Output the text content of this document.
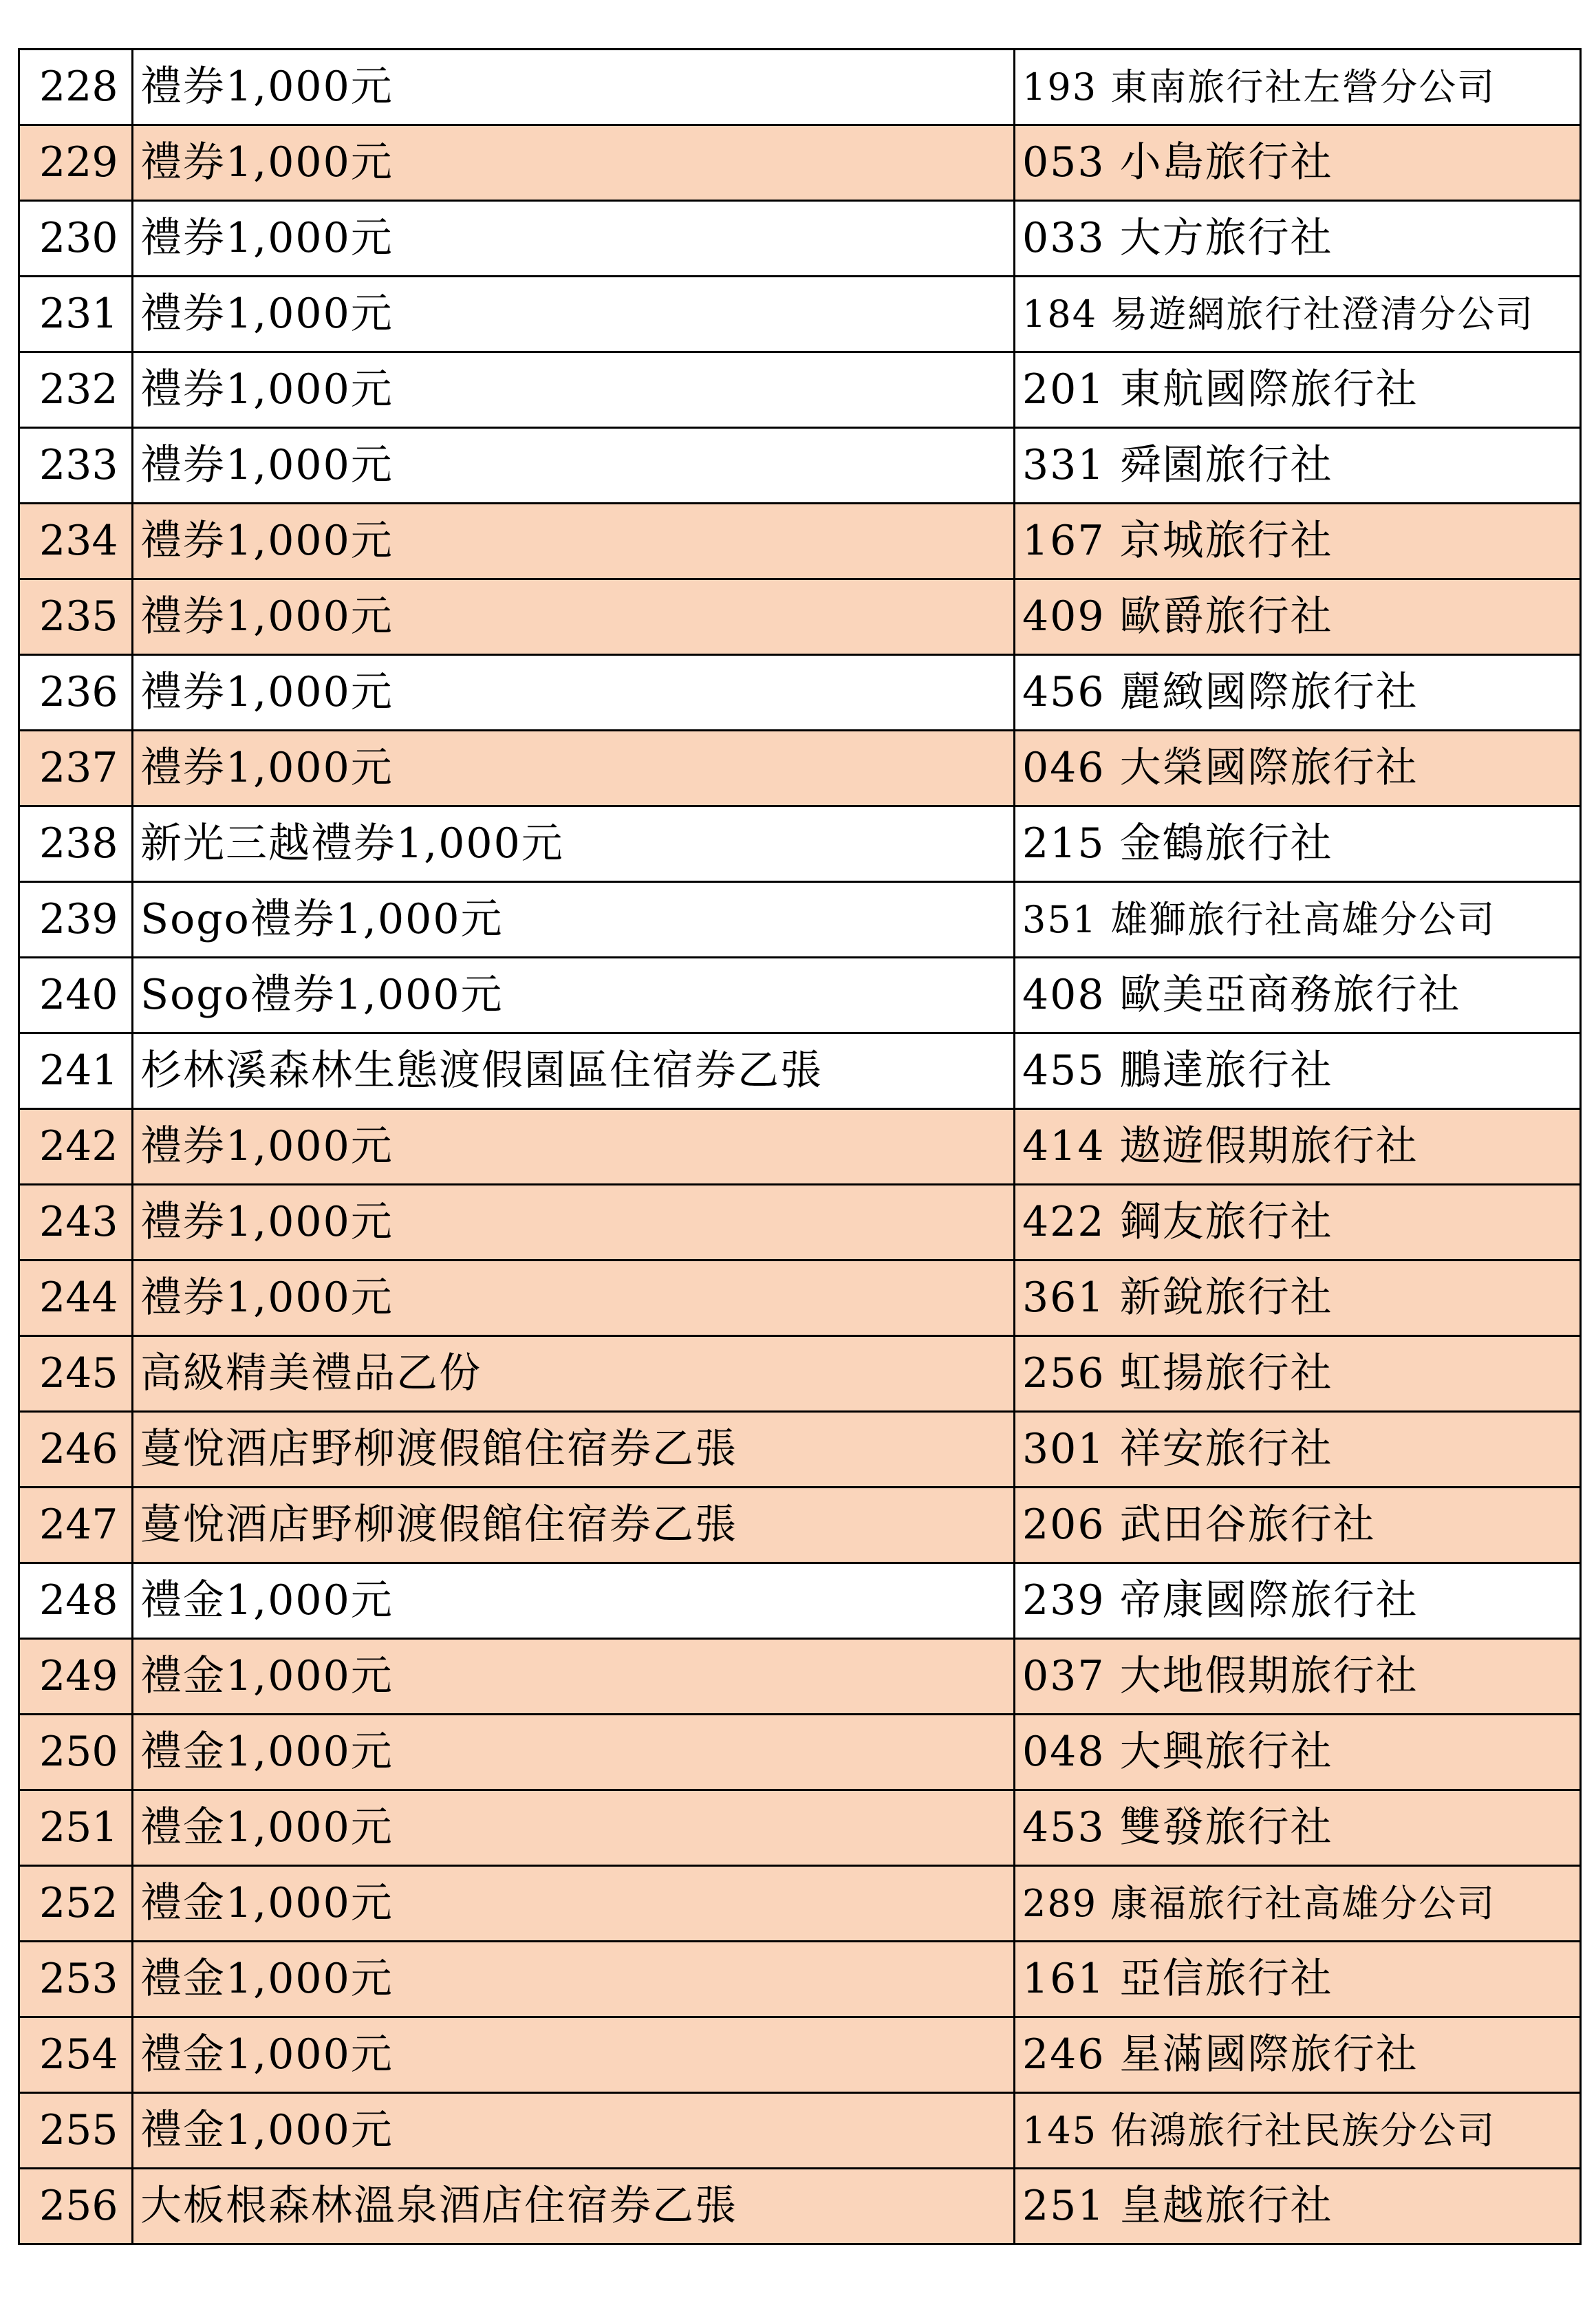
228	禮券1,000元	193 東南旅行社左營分公司
229	禮券1,000元	053 小島旅行社
230	禮券1,000元	033 大方旅行社
231	禮券1,000元	184 易遊網旅行社澄清分公司
232	禮券1,000元	201 東航國際旅行社
233	禮券1,000元	331 舜園旅行社
234	禮券1,000元	167 京城旅行社
235	禮券1,000元	409 歐爵旅行社
236	禮券1,000元	456 麗緻國際旅行社
237	禮券1,000元	046 大榮國際旅行社
238	新光三越禮券1,000元	215 金鶴旅行社
239	Sogo禮券1,000元	351 雄獅旅行社高雄分公司
240	Sogo禮券1,000元	408 歐美亞商務旅行社
241	杉林溪森林生態渡假園區住宿券乙張	455 鵬達旅行社
242	禮券1,000元	414 遨遊假期旅行社
243	禮券1,000元	422 鋼友旅行社
244	禮券1,000元	361 新銳旅行社
245	高級精美禮品乙份	256 虹揚旅行社
246	蔓悅酒店野柳渡假館住宿券乙張	301 祥安旅行社
247	蔓悅酒店野柳渡假館住宿券乙張	206 武田谷旅行社
248	禮金1,000元	239 帝康國際旅行社
249	禮金1,000元	037 大地假期旅行社
250	禮金1,000元	048 大興旅行社
251	禮金1,000元	453 雙發旅行社
252	禮金1,000元	289 康福旅行社高雄分公司
253	禮金1,000元	161 亞信旅行社
254	禮金1,000元	246 星滿國際旅行社
255	禮金1,000元	145 佑鴻旅行社民族分公司
256	大板根森林溫泉酒店住宿券乙張	251 皇越旅行社
